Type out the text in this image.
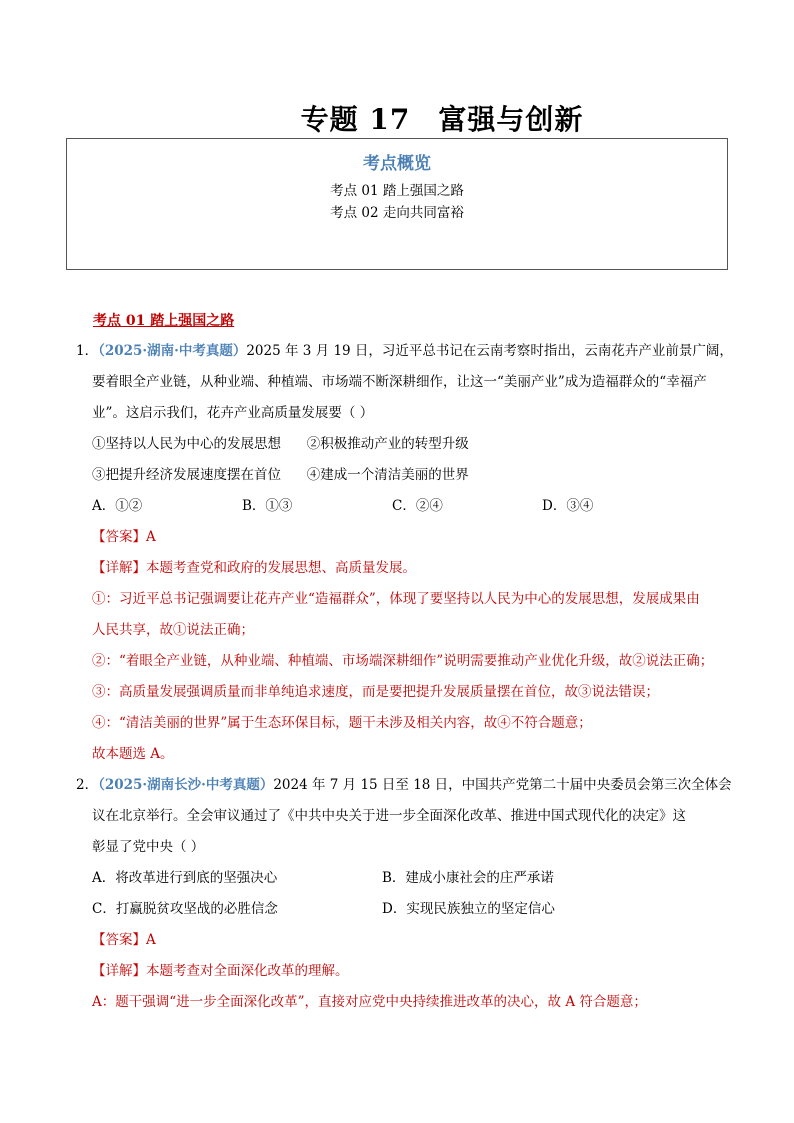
专题 17 富强与创新
考点概览
考点 01 踏上强国之路
考点 02 走向共同富裕
考点 01 踏上强国之路
1．（2025·湖南·中考真题）2025 年 3 月 19 日，习近平总书记在云南考察时指出，云南花卉产业前景广阔，
要着眼全产业链，从种业端、种植端、市场端不断深耕细作，让这一“美丽产业”成为造福群众的“幸福产
业”。这启示我们，花卉产业高质量发展要（ ）
①坚持以人民为中心的发展思想 ②积极推动产业的转型升级
③把提升经济发展速度摆在首位 ④建成一个清洁美丽的世界
A．①②	B．①③	C．②④	D．③④
【答案】A
【详解】本题考查党和政府的发展思想、高质量发展。
①：习近平总书记强调要让花卉产业“造福群众”，体现了要坚持以人民为中心的发展思想，发展成果由
人民共享，故①说法正确；
②：“着眼全产业链，从种业端、种植端、市场端深耕细作”说明需要推动产业优化升级，故②说法正确；
③：高质量发展强调质量而非单纯追求速度，而是要把提升发展质量摆在首位，故③说法错误；
④：“清洁美丽的世界”属于生态环保目标，题干未涉及相关内容，故④不符合题意；
故本题选 A。
2．（2025·湖南长沙·中考真题）2024 年 7 月 15 日至 18 日，中国共产党第二十届中央委员会第三次全体会
议在北京举行。全会审议通过了《中共中央关于进一步全面深化改革、推进中国式现代化的决定》这
彰显了党中央（ ）
A．将改革进行到底的坚强决心	B．建成小康社会的庄严承诺
C．打赢脱贫攻坚战的必胜信念	D．实现民族独立的坚定信心
【答案】A
【详解】本题考查对全面深化改革的理解。
A：题干强调“进一步全面深化改革”，直接对应党中央持续推进改革的决心，故 A 符合题意；
